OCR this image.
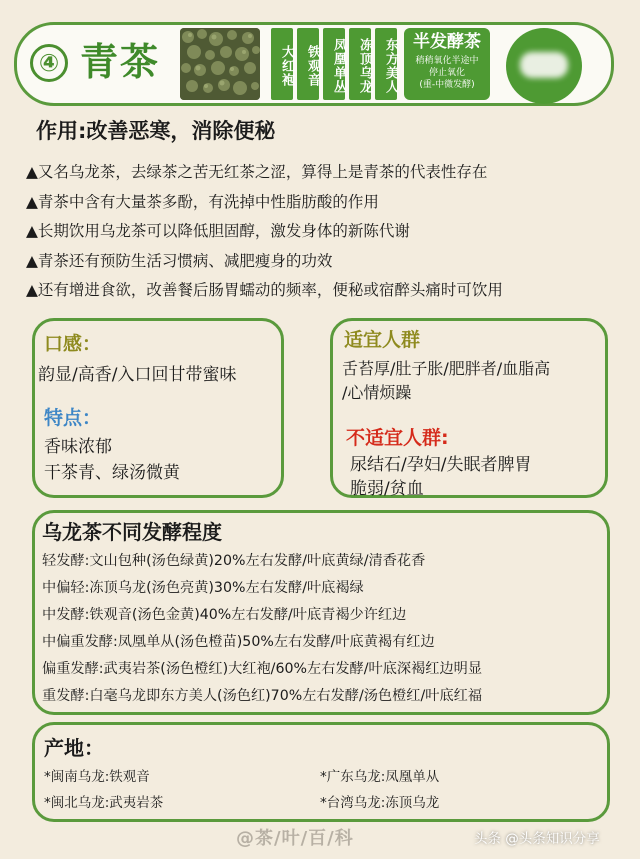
④ 青茶	大红袍 铁观音 凤凰单丛 冻顶乌龙 东方美人 半发酵茶
稍稍氧化半途中
停止氧化
(重-中微发酵)
作用:改善恶寒，消除便秘
▲又名乌龙茶，去绿茶之苦无红茶之涩，算得上是青茶的代表性存在
▲青茶中含有大量茶多酚，有洗掉中性脂肪酸的作用
▲长期饮用乌龙茶可以降低胆固醇，激发身体的新陈代谢
▲青茶还有预防生活习惯病、减肥瘦身的功效
▲还有增进食欲，改善餐后肠胃蠕动的频率，便秘或宿醉头痛时可饮用
口感：
韵显/高香/入口回甘带蜜味
特点：
香味浓郁
干茶青、绿汤微黄
适宜人群
舌苔厚/肚子胀/肥胖者/血脂高
/心情烦躁
不适宜人群:
尿结石/孕妇/失眠者脾胃
脆弱/贫血
乌龙茶不同发酵程度
轻发酵:文山包种(汤色绿黄)20%左右发酵/叶底黄绿/清香花香
中偏轻:冻顶乌龙(汤色亮黄)30%左右发酵/叶底褐绿
中发酵:铁观音(汤色金黄)40%左右发酵/叶底青褐少许红边
中偏重发酵:凤凰单从(汤色橙苗)50%左右发酵/叶底黄褐有红边
偏重发酵:武夷岩茶(汤色橙红)大红袍/60%左右发酵/叶底深褐红边明显
重发酵:白毫乌龙即东方美人(汤色红)70%左右发酵/汤色橙红/叶底红福
产地：
*闽南乌龙:铁观音	*广东乌龙:凤凰单从
*闽北乌龙:武夷岩茶	*台湾乌龙:冻顶乌龙
@茶/叶/百/科	头条 @头条知识分享
